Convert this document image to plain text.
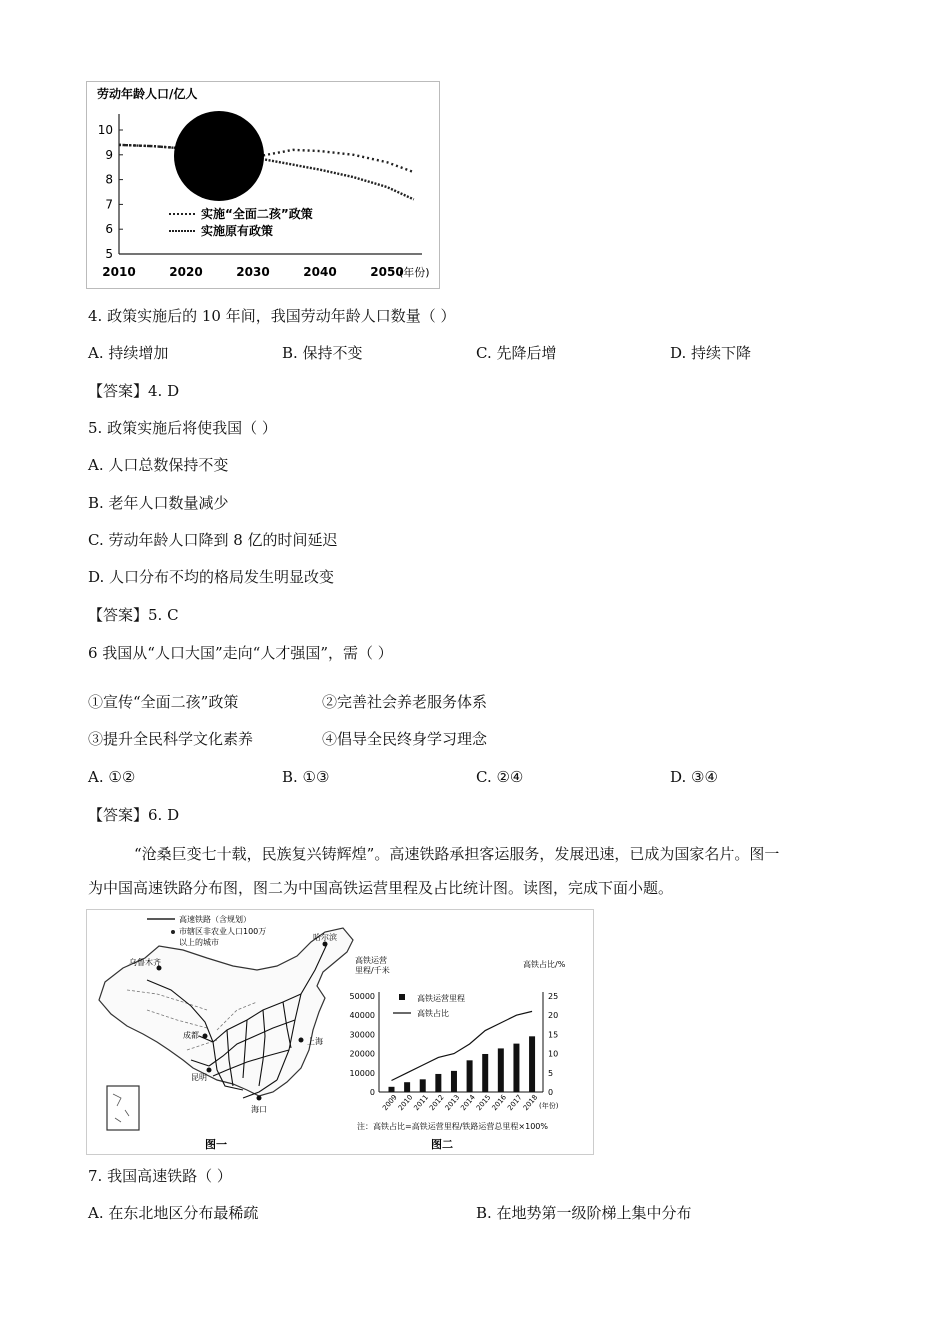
劳动年龄人口/亿人
10
9
8
7
6
5
2010	2020	2030	2040	2050
(年份)
实施“全面二孩”政策
实施原有政策
4. 政策实施后的 10 年间，我国劳动年龄人口数量（ ）
A. 持续增加	B. 保持不变	C. 先降后增	D. 持续下降
【答案】4. D
5. 政策实施后将使我国（ ）
A. 人口总数保持不变
B. 老年人口数量减少
C. 劳动年龄人口降到 8 亿的时间延迟
D. 人口分布不均的格局发生明显改变
【答案】5. C
6 我国从“人口大国”走向“人才强国”，需（ ）
①宣传“全面二孩”政策	②完善社会养老服务体系
③提升全民科学文化素养	④倡导全民终身学习理念
A. ①②	B. ①③	C. ②④	D. ③④
【答案】6. D
“沧桑巨变七十载，民族复兴铸辉煌”。高速铁路承担客运服务，发展迅速，已成为国家名片。图一
为中国高速铁路分布图，图二为中国高铁运营里程及占比统计图。读图，完成下面小题。
高速铁路（含规划）
市辖区非农业人口100万
以上的城市
乌鲁木齐
哈尔滨
成都
上海
昆明
海口
图一
高铁运营
里程/千米
高铁占比/%
高铁运营里程
高铁占比
50000
40000
30000
20000
10000
0
25
20
15
10
5
0
2009
2010
2011
2012
2013
2014
2015
2016
2017
2018 (年份)
注：高铁占比=高铁运营里程/铁路运营总里程×100%
图二
7. 我国高速铁路（ ）
A. 在东北地区分布最稀疏	B. 在地势第一级阶梯上集中分布
